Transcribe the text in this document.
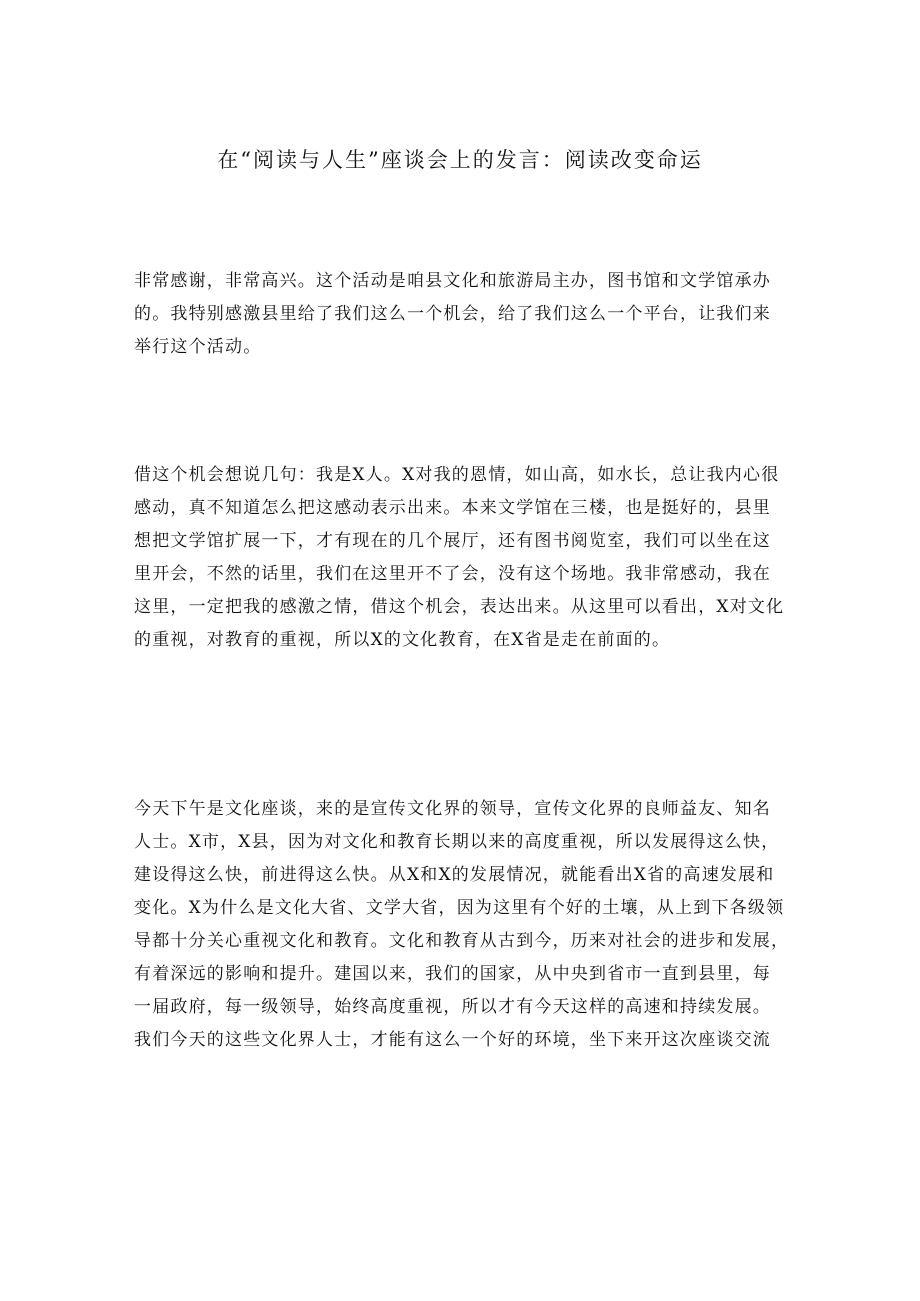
在“阅读与人生”座谈会上的发言：阅读改变命运

非常感谢，非常高兴。这个活动是咱县文化和旅游局主办，图书馆和文学馆承办
的。我特别感激县里给了我们这么一个机会，给了我们这么一个平台，让我们来
举行这个活动。

借这个机会想说几句：我是X人。X对我的恩情，如山高，如水长，总让我内心很
感动，真不知道怎么把这感动表示出来。本来文学馆在三楼，也是挺好的，县里
想把文学馆扩展一下，才有现在的几个展厅，还有图书阅览室，我们可以坐在这
里开会，不然的话里，我们在这里开不了会，没有这个场地。我非常感动，我在
这里，一定把我的感激之情，借这个机会，表达出来。从这里可以看出，X对文化
的重视，对教育的重视，所以X的文化教育，在X省是走在前面的。

今天下午是文化座谈，来的是宣传文化界的领导，宣传文化界的良师益友、知名
人士。X市，X县，因为对文化和教育长期以来的高度重视，所以发展得这么快，
建设得这么快，前进得这么快。从X和X的发展情况，就能看出X省的高速发展和
变化。X为什么是文化大省、文学大省，因为这里有个好的土壤，从上到下各级领
导都十分关心重视文化和教育。文化和教育从古到今，历来对社会的进步和发展，
有着深远的影响和提升。建国以来，我们的国家，从中央到省市一直到县里，每
一届政府，每一级领导，始终高度重视，所以才有今天这样的高速和持续发展。
我们今天的这些文化界人士，才能有这么一个好的环境，坐下来开这次座谈交流
